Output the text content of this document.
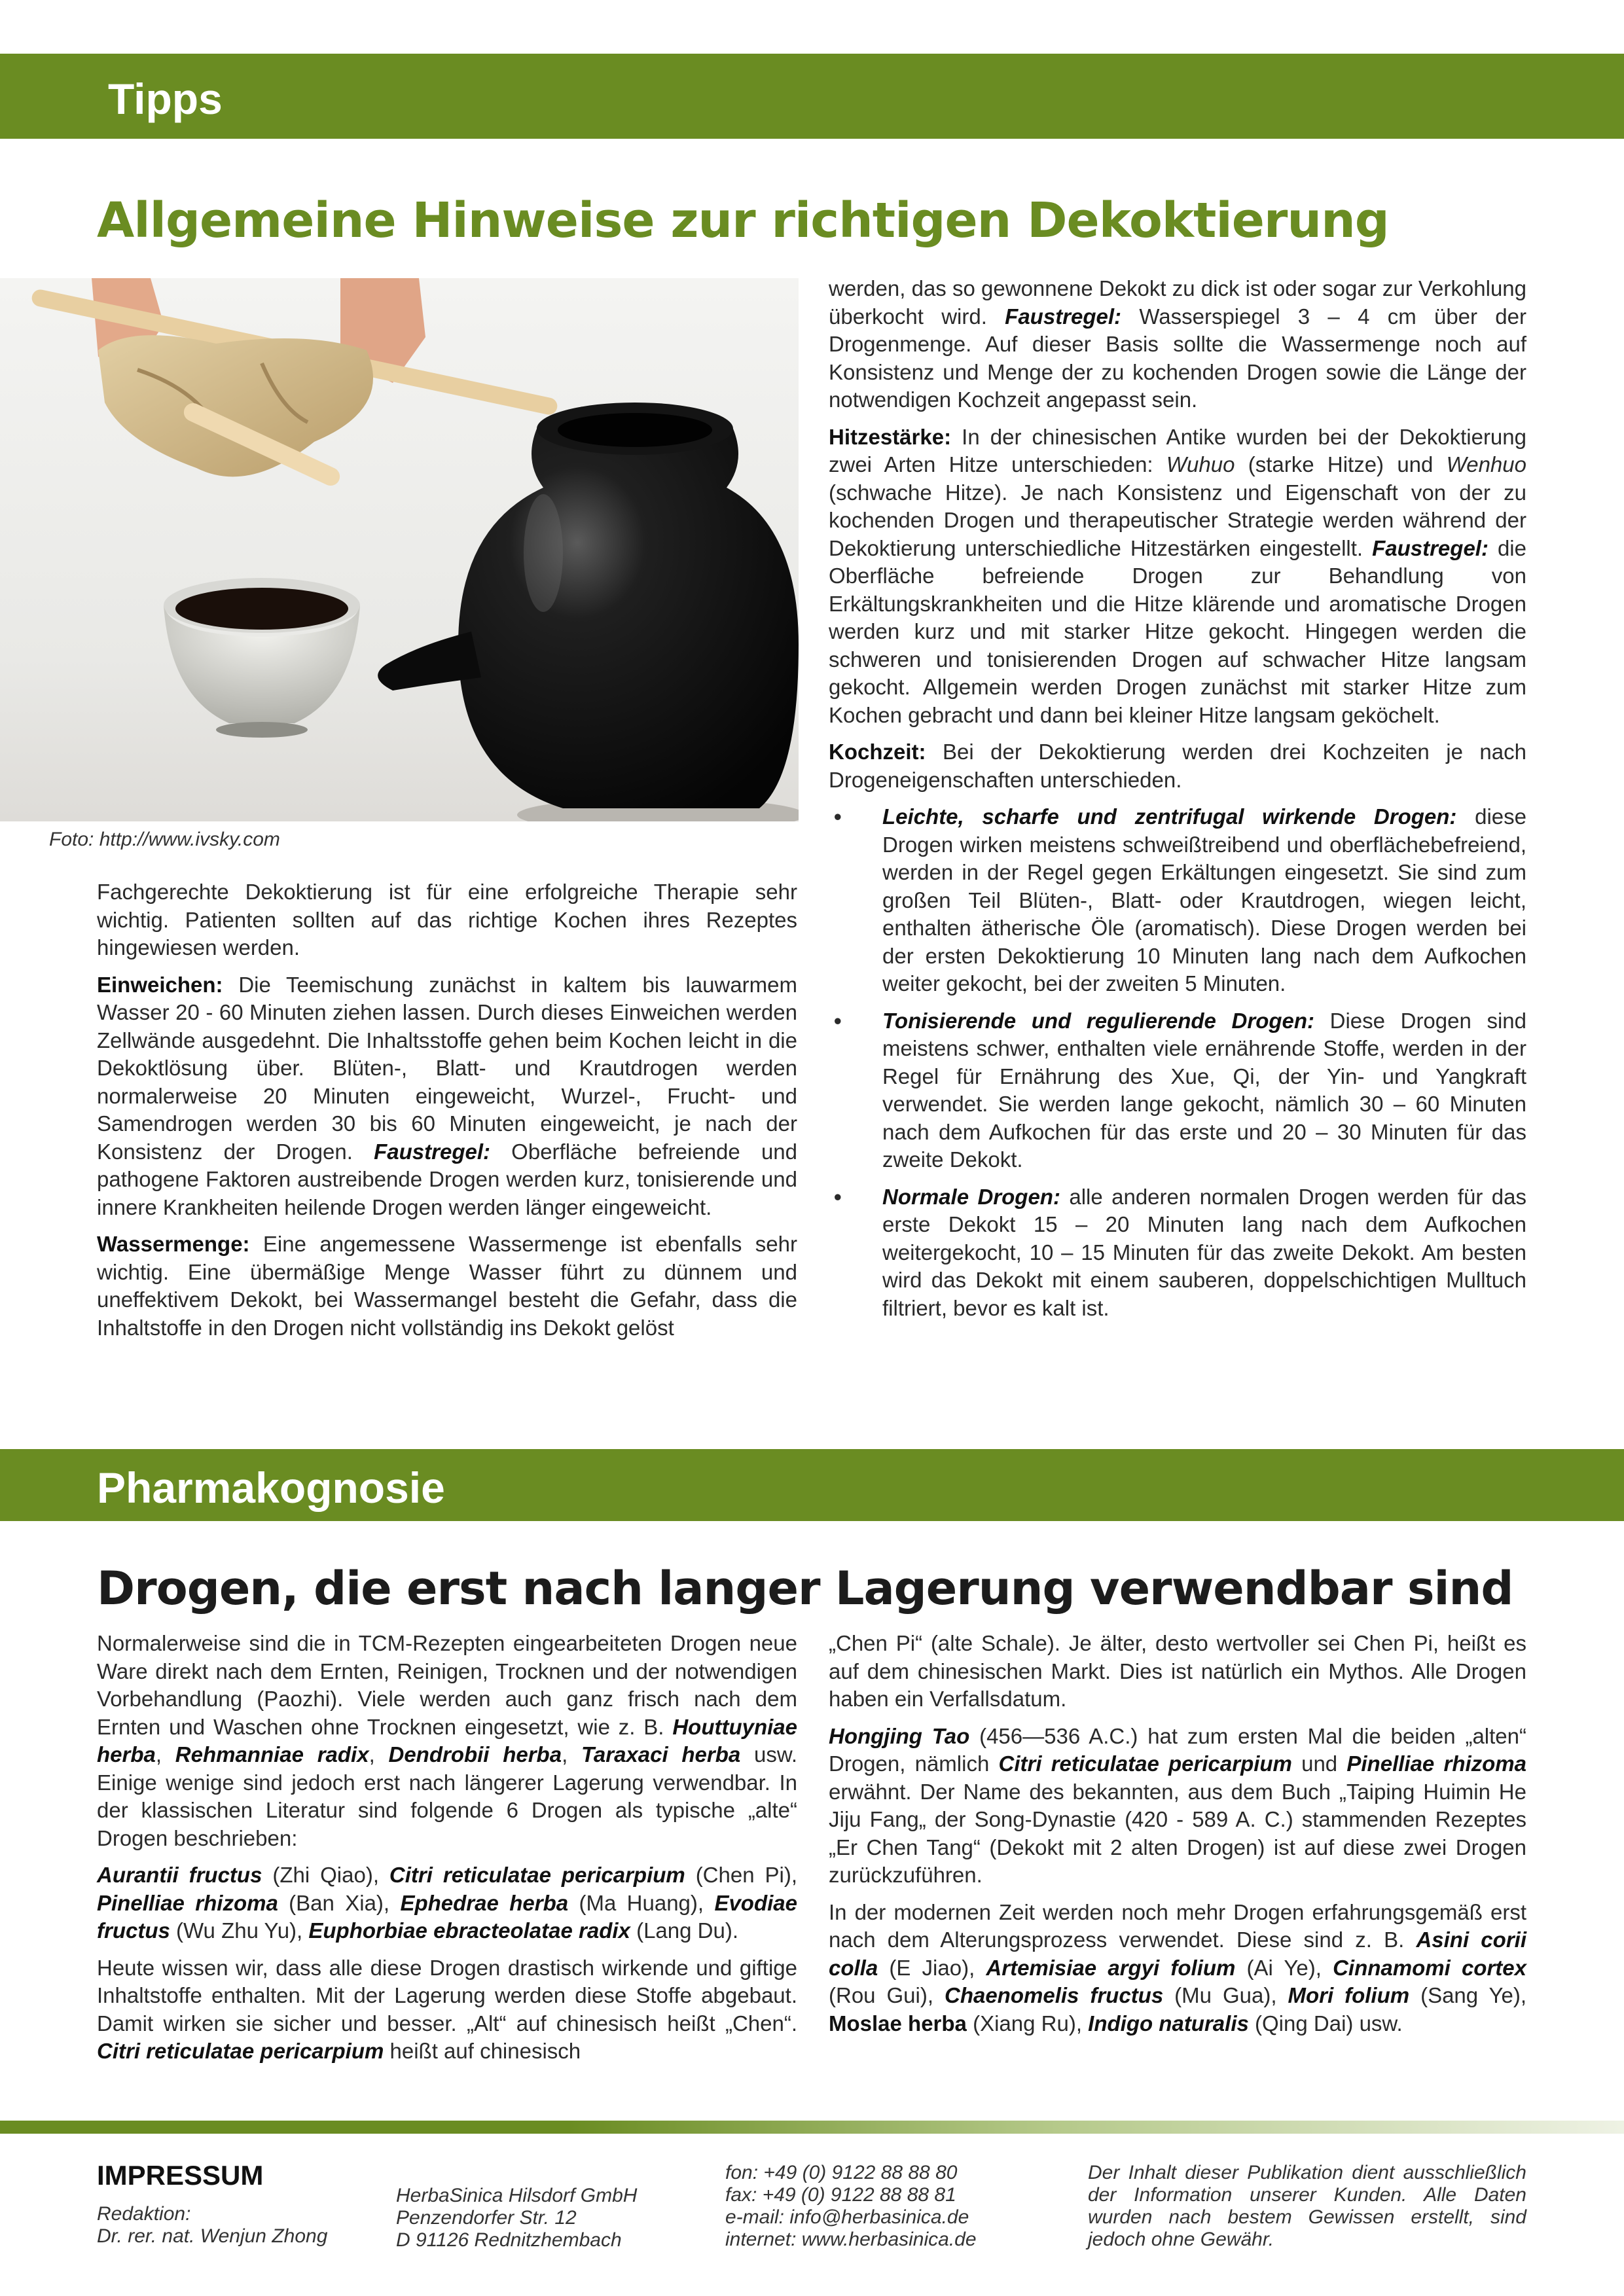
Tipps
Allgemeine Hinweise zur richtigen Dekoktierung
Foto: http://www.ivsky.com

Fachgerechte Dekoktierung ist für eine erfolgreiche Therapie sehr wichtig. Patienten sollten auf das richtige Kochen ihres Rezeptes hingewiesen werden.

Einweichen: Die Teemischung zunächst in kaltem bis lauwarmem Wasser 20 - 60 Minuten ziehen lassen. Durch dieses Einweichen werden Zellwände ausgedehnt. Die Inhaltsstoffe gehen beim Kochen leicht in die Dekoktlösung über. Blüten-, Blatt- und Krautdrogen werden normalerweise 20 Minuten eingeweicht, Wurzel-, Frucht- und Samendrogen werden 30 bis 60 Minuten eingeweicht, je nach der Konsistenz der Drogen. Faustregel: Oberfläche befreiende und pathogene Faktoren austreibende Drogen werden kurz, tonisierende und innere Krankheiten heilende Drogen werden länger eingeweicht.

Wassermenge: Eine angemessene Wassermenge ist ebenfalls sehr wichtig. Eine übermäßige Menge Wasser führt zu dünnem und uneffektivem Dekokt, bei Wassermangel besteht die Gefahr, dass die Inhaltstoffe in den Drogen nicht vollständig ins Dekokt gelöst

werden, das so gewonnene Dekokt zu dick ist oder sogar zur Verkohlung überkocht wird. Faustregel: Wasserspiegel 3 – 4 cm über der Drogenmenge. Auf dieser Basis sollte die Wassermenge noch auf Konsistenz und Menge der zu kochenden Drogen sowie die Länge der notwendigen Kochzeit angepasst sein.

Hitzestärke: In der chinesischen Antike wurden bei der Dekoktierung zwei Arten Hitze unterschieden: Wuhuo (starke Hitze) und Wenhuo (schwache Hitze). Je nach Konsistenz und Eigenschaft von der zu kochenden Drogen und therapeutischer Strategie werden während der Dekoktierung unterschiedliche Hitzestärken eingestellt. Faustregel: die Oberfläche befreiende Drogen zur Behandlung von Erkältungskrankheiten und die Hitze klärende und aromatische Drogen werden kurz und mit starker Hitze gekocht. Hingegen werden die schweren und tonisierenden Drogen auf schwacher Hitze langsam gekocht. Allgemein werden Drogen zunächst mit starker Hitze zum Kochen gebracht und dann bei kleiner Hitze langsam geköchelt.

Kochzeit: Bei der Dekoktierung werden drei Kochzeiten je nach Drogeneigenschaften unterschieden.

• Leichte, scharfe und zentrifugal wirkende Drogen: diese Drogen wirken meistens schweißtreibend und oberflächebefreiend, werden in der Regel gegen Erkältungen eingesetzt. Sie sind zum großen Teil Blüten-, Blatt- oder Krautdrogen, wiegen leicht, enthalten ätherische Öle (aromatisch). Diese Drogen werden bei der ersten Dekoktierung 10 Minuten lang nach dem Aufkochen weiter gekocht, bei der zweiten 5 Minuten.
• Tonisierende und regulierende Drogen: Diese Drogen sind meistens schwer, enthalten viele ernährende Stoffe, werden in der Regel für Ernährung des Xue, Qi, der Yin- und Yangkraft verwendet. Sie werden lange gekocht, nämlich 30 – 60 Minuten nach dem Aufkochen für das erste und 20 – 30 Minuten für das zweite Dekokt.
• Normale Drogen: alle anderen normalen Drogen werden für das erste Dekokt 15 – 20 Minuten lang nach dem Aufkochen weitergekocht, 10 – 15 Minuten für das zweite Dekokt. Am besten wird das Dekokt mit einem sauberen, doppelschichtigen Mulltuch filtriert, bevor es kalt ist.
Pharmakognosie
Drogen, die erst nach langer Lagerung verwendbar sind

Normalerweise sind die in TCM-Rezepten eingearbeiteten Drogen neue Ware direkt nach dem Ernten, Reinigen, Trocknen und der notwendigen Vorbehandlung (Paozhi). Viele werden auch ganz frisch nach dem Ernten und Waschen ohne Trocknen eingesetzt, wie z. B. Houttuyniae herba, Rehmanniae radix, Dendrobii herba, Taraxaci herba usw. Einige wenige sind jedoch erst nach längerer Lagerung verwendbar. In der klassischen Literatur sind folgende 6 Drogen als typische „alte“ Drogen beschrieben:

Aurantii fructus (Zhi Qiao), Citri reticulatae pericarpium (Chen Pi), Pinelliae rhizoma (Ban Xia), Ephedrae herba (Ma Huang), Evodiae fructus (Wu Zhu Yu), Euphorbiae ebracteolatae radix (Lang Du).

Heute wissen wir, dass alle diese Drogen drastisch wirkende und giftige Inhaltstoffe enthalten. Mit der Lagerung werden diese Stoffe abgebaut. Damit wirken sie sicher und besser. „Alt“ auf chinesisch heißt „Chen“. Citri reticulatae pericarpium heißt auf chinesisch

„Chen Pi“ (alte Schale). Je älter, desto wertvoller sei Chen Pi, heißt es auf dem chinesischen Markt. Dies ist natürlich ein Mythos. Alle Drogen haben ein Verfallsdatum.

Hongjing Tao (456—536 A.C.) hat zum ersten Mal die beiden „alten“ Drogen, nämlich Citri reticulatae pericarpium und Pinelliae rhizoma erwähnt. Der Name des bekannten, aus dem Buch „Taiping Huimin He Jiju Fang„ der Song-Dynastie (420 - 589 A. C.) stammenden Rezeptes „Er Chen Tang“ (Dekokt mit 2 alten Drogen) ist auf diese zwei Drogen zurückzuführen.

In der modernen Zeit werden noch mehr Drogen erfahrungsgemäß erst nach dem Alterungsprozess verwendet. Diese sind z. B. Asini corii colla (E Jiao), Artemisiae argyi folium (Ai Ye), Cinnamomi cortex (Rou Gui), Chaenomelis fructus (Mu Gua), Mori folium (Sang Ye), Moslae herba (Xiang Ru), Indigo naturalis (Qing Dai) usw.

IMPRESSUM
Redaktion:
Dr. rer. nat. Wenjun Zhong
HerbaSinica Hilsdorf GmbH
Penzendorfer Str. 12
D 91126 Rednitzhembach
fon: +49 (0) 9122 88 88 80
fax: +49 (0) 9122 88 88 81
e-mail: info@herbasinica.de
internet: www.herbasinica.de
Der Inhalt dieser Publikation dient ausschließlich der Information unserer Kunden. Alle Daten wurden nach bestem Gewissen erstellt, sind jedoch ohne Gewähr.
